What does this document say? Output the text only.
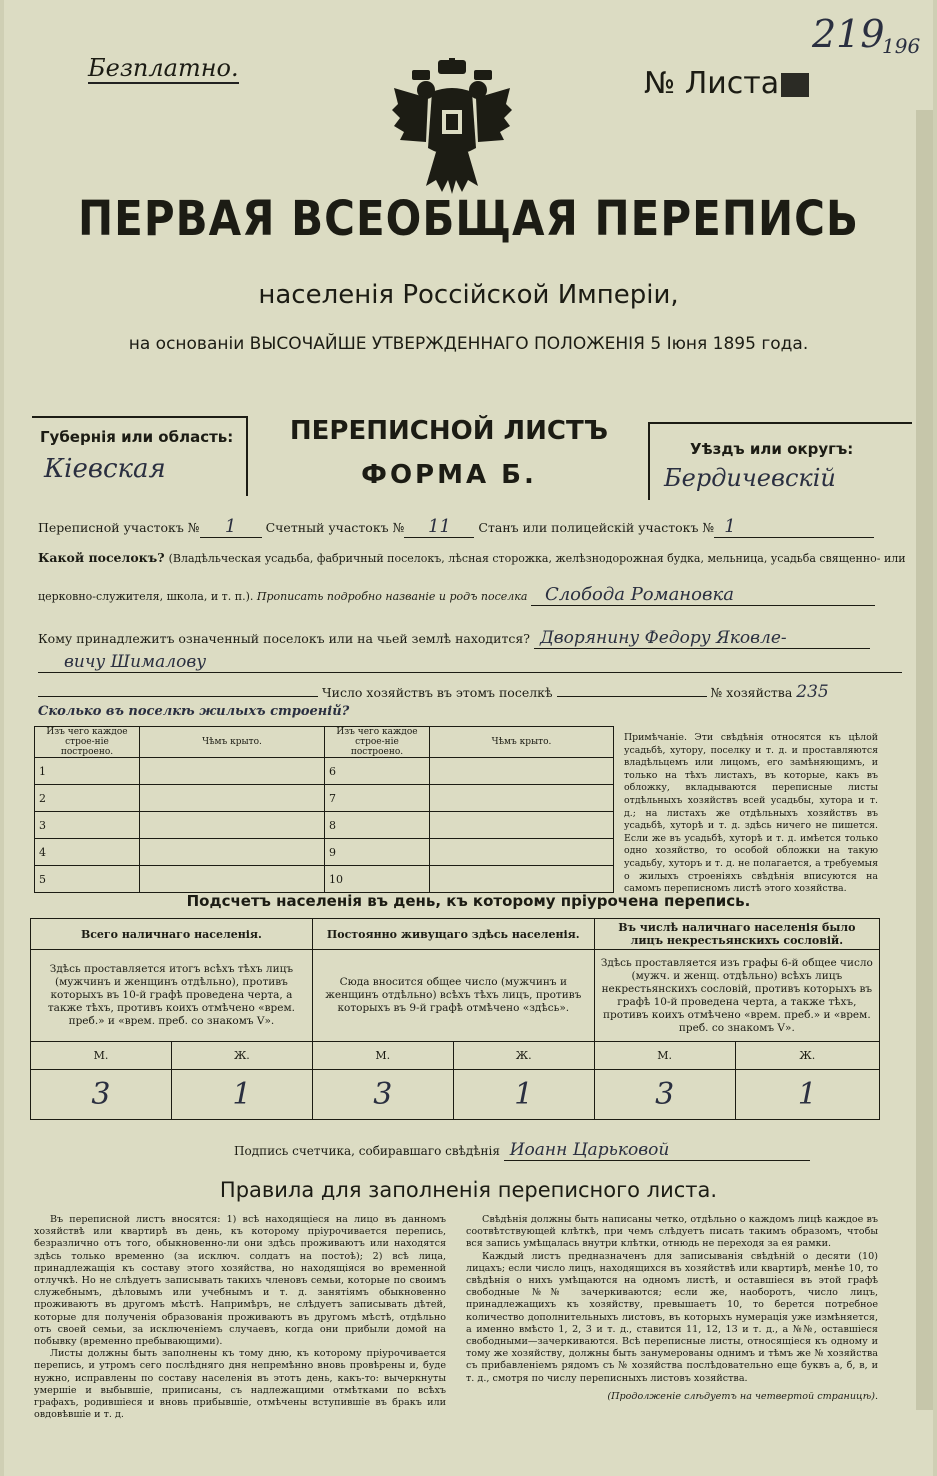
Безплатно.	№ Листа
219
196
ПЕРВАЯ ВСЕОБЩАЯ ПЕРЕПИСЬ
населенія Россійской Имперіи,
на основаніи ВЫСОЧАЙШЕ УТВЕРЖДЕННАГО ПОЛОЖЕНІЯ 5 Іюня 1895 года.
Губернія или область:
Кіевская
ПЕРЕПИСНОЙ ЛИСТЪ
ФОРМА Б.
Уѣздъ или округъ:
Бердичевскій
Переписной участокъ № 1 Счетный участокъ № 11 Станъ или полицейскій участокъ № 1
Какой поселокъ? (Владѣльческая усадьба, фабричный поселокъ, лѣсная сторожка, желѣзнодорожная будка, мельница, усадьба священно- или
церковно-служителя, школа, и т. п.). Прописать подробно названіе и родъ поселка Слобода Романовка
Кому принадлежитъ означенный поселокъ или на чьей землѣ находится? Дворянину Федору Яковле-
вичу Шималову
Число хозяйствъ въ этомъ поселкѣ	№ хозяйства 235
Сколько въ поселкѣ жилыхъ строеній?
Изъ чего каждое строе-ніе построено.	Чѣмъ крыто.	Изъ чего каждое строе-ніе построено.	Чѣмъ крыто.
1		6	
2		7	
3		8	
4		9	
5		10	
Примѣчаніе. Эти свѣдѣнія относятся къ цѣлой усадьбѣ, хутору, поселку и т. д. и проставляются владѣльцемъ или лицомъ, его замѣняющимъ, и только на тѣхъ листахъ, въ которые, какъ въ обложку, вкладываются переписные листы отдѣльныхъ хозяйствъ всей усадьбы, хутора и т. д.; на листахъ же отдѣльныхъ хозяйствъ въ усадьбѣ, хуторѣ и т. д. здѣсь ничего не пишется. Если же въ усадьбѣ, хуторѣ и т. д. имѣется только одно хозяйство, то особой обложки на такую усадьбу, хуторъ и т. д. не полагается, а требуемыя о жилыхъ строеніяхъ свѣдѣнія вписуются на самомъ переписномъ листѣ этого хозяйства.
Подсчетъ населенія въ день, къ которому пріурочена перепись.
Всего наличнаго населенія.		Постоянно живущаго здѣсь населенія.		Въ числѣ наличнаго населенія было лицъ некрестьянскихъ сословій.	
Здѣсь проставляется итогъ всѣхъ тѣхъ лицъ (мужчинъ и женщинъ отдѣльно), противъ которыхъ въ 10-й графѣ проведена черта, а также тѣхъ, противъ коихъ отмѣчено «врем. преб.» и «врем. преб. со знакомъ V».		Сюда вносится общее число (мужчинъ и женщинъ отдѣльно) всѣхъ тѣхъ лицъ, противъ которыхъ въ 9-й графѣ отмѣчено «здѣсь».		Здѣсь проставляется изъ графы 6-й общее число (мужч. и женщ. отдѣльно) всѣхъ лицъ некрестьянскихъ сословій, противъ которыхъ въ графѣ 10-й проведена черта, а также тѣхъ, противъ коихъ отмѣчено «врем. преб.» и «врем. преб. со знакомъ V».	
М.	Ж.	М.	Ж.	М.	Ж.
3	1	3	1	3	1
Подпись счетчика, собиравшаго свѣдѣнія Иоанн Царьковой
Правила для заполненія переписного листа.

Въ переписной листъ вносятся: 1) всѣ находящіеся на лицо въ данномъ хозяйствѣ или квартирѣ въ день, къ которому пріурочивается перепись, безразлично отъ того, обыкновенно-ли они здѣсь проживаютъ или находятся здѣсь только временно (за исключ. солдатъ на постоѣ); 2) всѣ лица, принадлежащія къ составу этого хозяйства, но находящіяся во временной отлучкѣ. Но не слѣдуетъ записывать такихъ членовъ семьи, которые по своимъ служебнымъ, дѣловымъ или учебнымъ и т. д. занятіямъ обыкновенно проживаютъ въ другомъ мѣстѣ. Напримѣръ, не слѣдуетъ записывать дѣтей, которые для полученія образованія проживаютъ въ другомъ мѣстѣ, отдѣльно отъ своей семьи, за исключеніемъ случаевъ, когда они прибыли домой на побывку (временно пребывающими).

Листы должны быть заполнены къ тому дню, къ которому пріурочивается перепись, и утромъ сего послѣдняго дня непремѣнно вновь провѣрены и, буде нужно, исправлены по составу населенія въ этотъ день, какъ-то: вычеркнуты умершіе и выбывшіе, приписаны, съ надлежащими отмѣтками по всѣхъ графахъ, родившіеся и вновь прибывшіе, отмѣчены вступившіе въ бракъ или овдовѣвшіе и т. д.

Свѣдѣнія должны быть написаны четко, отдѣльно о каждомъ лицѣ каждое въ соотвѣтствующей клѣткѣ, при чемъ слѣдуетъ писать такимъ образомъ, чтобы вся запись умѣщалась внутри клѣтки, отнюдь не переходя за ея рамки.

Каждый листъ предназначенъ для записыванія свѣдѣній о десяти (10) лицахъ; если число лицъ, находящихся въ хозяйствѣ или квартирѣ, менѣе 10, то свѣдѣнія о нихъ умѣщаются на одномъ листѣ, и оставшіеся въ этой графѣ свободные №№ зачеркиваются; если же, наоборотъ, число лицъ, принадлежащихъ къ хозяйству, превышаетъ 10, то берется потребное количество дополнительныхъ листовъ, въ которыхъ нумерація уже измѣняется, а именно вмѣсто 1, 2, 3 и т. д., ставится 11, 12, 13 и т. д., а №№, оставшіеся свободными—зачеркиваются. Всѣ переписные листы, относящіеся къ одному и тому же хозяйству, должны быть занумерованы однимъ и тѣмъ же № хозяйства съ прибавленіемъ рядомъ съ № хозяйства послѣдовательно еще буквъ а, б, в, и т. д., смотря по числу переписныхъ листовъ хозяйства.

(Продолженіе слѣдуетъ на четвертой страницѣ).
